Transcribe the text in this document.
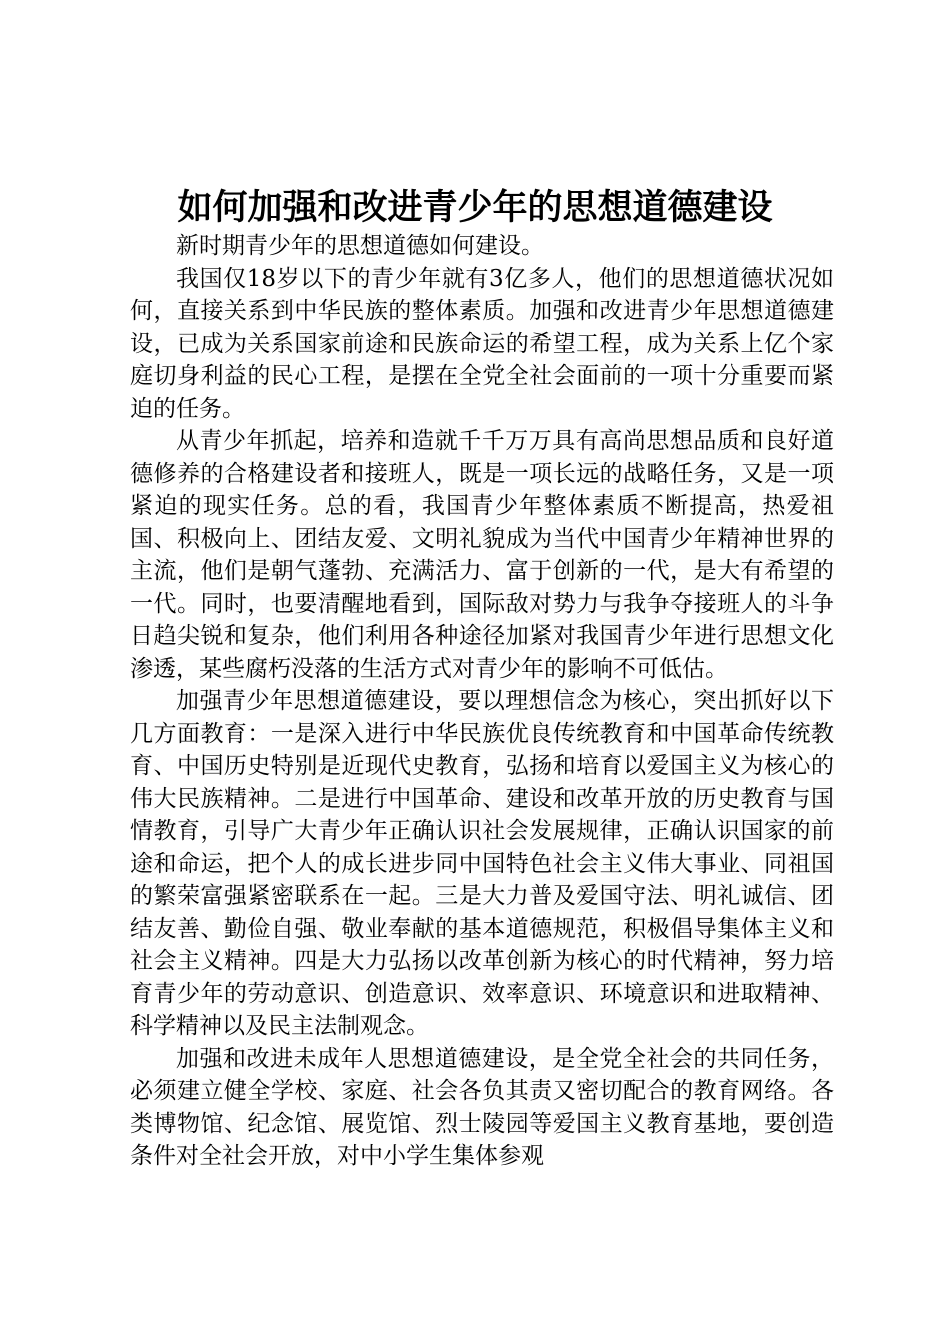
如何加强和改进青少年的思想道德建设

新时期青少年的思想道德如何建设。

我国仅18岁以下的青少年就有3亿多人，他们的思想道德状况如何，直接关系到中华民族的整体素质。加强和改进青少年思想道德建设，已成为关系国家前途和民族命运的希望工程，成为关系上亿个家庭切身利益的民心工程，是摆在全党全社会面前的一项十分重要而紧迫的任务。

从青少年抓起，培养和造就千千万万具有高尚思想品质和良好道德修养的合格建设者和接班人，既是一项长远的战略任务，又是一项紧迫的现实任务。总的看，我国青少年整体素质不断提高，热爱祖国、积极向上、团结友爱、文明礼貌成为当代中国青少年精神世界的主流，他们是朝气蓬勃、充满活力、富于创新的一代，是大有希望的一代。同时，也要清醒地看到，国际敌对势力与我争夺接班人的斗争日趋尖锐和复杂，他们利用各种途径加紧对我国青少年进行思想文化渗透，某些腐朽没落的生活方式对青少年的影响不可低估。

加强青少年思想道德建设，要以理想信念为核心，突出抓好以下几方面教育：一是深入进行中华民族优良传统教育和中国革命传统教育、中国历史特别是近现代史教育，弘扬和培育以爱国主义为核心的伟大民族精神。二是进行中国革命、建设和改革开放的历史教育与国情教育，引导广大青少年正确认识社会发展规律，正确认识国家的前途和命运，把个人的成长进步同中国特色社会主义伟大事业、同祖国的繁荣富强紧密联系在一起。三是大力普及爱国守法、明礼诚信、团结友善、勤俭自强、敬业奉献的基本道德规范，积极倡导集体主义和社会主义精神。四是大力弘扬以改革创新为核心的时代精神，努力培育青少年的劳动意识、创造意识、效率意识、环境意识和进取精神、科学精神以及民主法制观念。

加强和改进未成年人思想道德建设，是全党全社会的共同任务，必须建立健全学校、家庭、社会各负其责又密切配合的教育网络。各类博物馆、纪念馆、展览馆、烈士陵园等爱国主义教育基地，要创造条件对全社会开放，对中小学生集体参观
